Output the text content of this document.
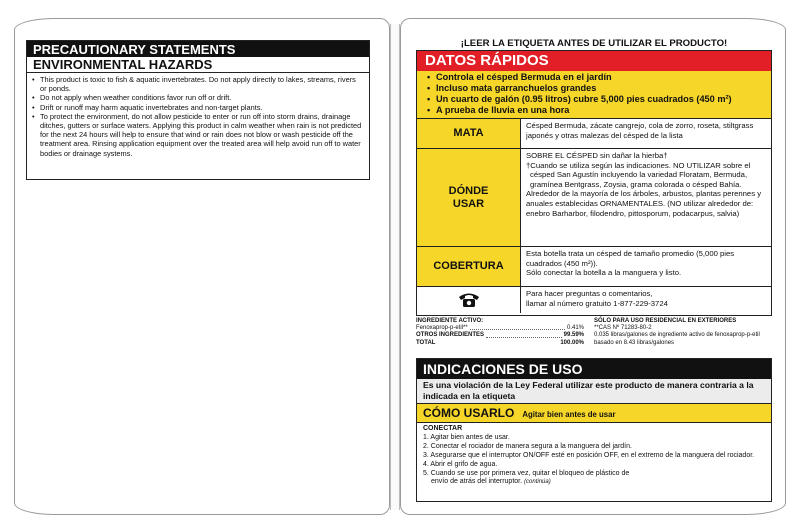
PRECAUTIONARY STATEMENTS
ENVIRONMENTAL HAZARDS
• This product is toxic to fish & aquatic invertebrates. Do not apply directly to lakes, streams, rivers or ponds.
• Do not apply when weather conditions favor run off or drift.
• Drift or runoff may harm aquatic invertebrates and non-target plants.
• To protect the environment, do not allow pesticide to enter or run off into storm drains, drainage ditches, gutters or surface waters. Applying this product in calm weather when rain is not predicted for the next 24 hours will help to ensure that wind or rain does not blow or wash pesticide off the treatment area. Rinsing application equipment over the treated area will help avoid run off to water bodies or drainage systems.
¡LEER LA ETIQUETA ANTES DE UTILIZAR EL PRODUCTO!
DATOS RÁPIDOS
• Controla el césped Bermuda en el jardín
• Incluso mata garranchuelos grandes
• Un cuarto de galón (0.95 litros) cubre 5,000 pies cuadrados (450 m²)
• A prueba de lluvia en una hora
MATA
Césped Bermuda, zácate cangrejo, cola de zorro, roseta, stiltgrass japonés y otras malezas del césped de la lista
DÓNDE USAR
SOBRE EL CÉSPED sin dañar la hierba†
†Cuando se utiliza según las indicaciones. NO UTILIZAR sobre el
césped San Agustín incluyendo la variedad Floratam, Bermuda, gramínea Bentgrass, Zoysia, grama colorada o césped Bahía.
Alrededor de la mayoría de los árboles, arbustos, plantas perennes y anuales establecidas ORNAMENTALES. (NO utilizar alrededor de: enebro Barharbor, filodendro, pittosporum, podacarpus, salvia)
COBERTURA
Esta botella trata un césped de tamaño promedio (5,000 pies cuadrados (450 m²)).
Sólo conectar la botella a la manguera y listo.
Para hacer preguntas o comentarios,
llamar al número gratuito 1-877-229-3724
INGREDIENTE ACTIVO:
Fenoxaprop-p-etil**	0.41%
OTROS INGREDIENTES	99.59%
TOTAL	100.00%
SÓLO PARA USO RESIDENCIAL EN EXTERIORES
**CAS Nº 71283-80-2
0.035 libras/galones de ingrediente activo de fenoxaprop-p-etil basado en 8.43 libras/galones
INDICACIONES DE USO
Es una violación de la Ley Federal utilizar este producto de manera contraria a la indicada en la etiqueta
CÓMO USARLO Agitar bien antes de usar
CONECTAR
1. Agitar bien antes de usar.
2. Conectar el rociador de manera segura a la manguera del jardín.
3. Asegurarse que el interruptor ON/OFF esté en posición OFF, en el extremo de la manguera del rociador.
4. Abrir el grifo de agua.
5. Cuando se use por primera vez, quitar el bloqueo de plástico de
envío de atrás del interruptor. (continúa)
